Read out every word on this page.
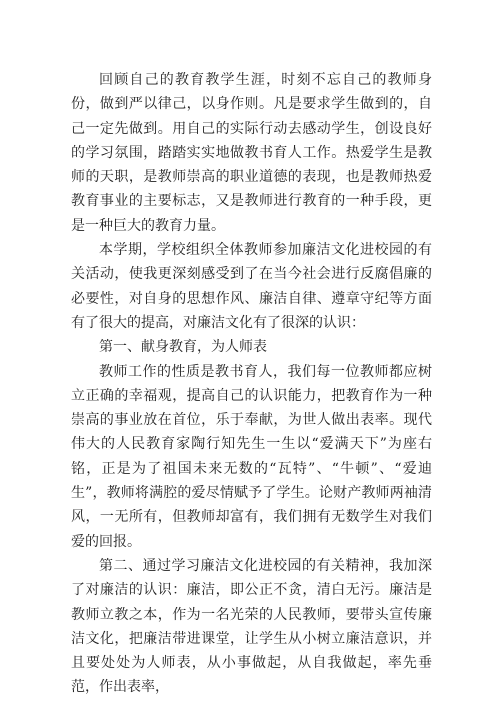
回顾自己的教育教学生涯，时刻不忘自己的教师身份，做到严以律己，以身作则。凡是要求学生做到的，自己一定先做到。用自己的实际行动去感动学生，创设良好的学习氛围，踏踏实实地做教书育人工作。热爱学生是教师的天职，是教师崇高的职业道德的表现，也是教师热爱教育事业的主要标志，又是教师进行教育的一种手段，更是一种巨大的教育力量。

本学期，学校组织全体教师参加廉洁文化进校园的有关活动，使我更深刻感受到了在当今社会进行反腐倡廉的必要性，对自身的思想作风、廉洁自律、遵章守纪等方面有了很大的提高，对廉洁文化有了很深的认识：

第一、献身教育，为人师表

教师工作的性质是教书育人，我们每一位教师都应树立正确的幸福观，提高自己的认识能力，把教育作为一种崇高的事业放在首位，乐于奉献，为世人做出表率。现代伟大的人民教育家陶行知先生一生以“爱满天下”为座右铭，正是为了祖国未来无数的“瓦特”、“牛顿”、“爱迪生”，教师将满腔的爱尽情赋予了学生。论财产教师两袖清风，一无所有，但教师却富有，我们拥有无数学生对我们爱的回报。

第二、通过学习廉洁文化进校园的有关精神，我加深了对廉洁的认识：廉洁，即公正不贪，清白无污。廉洁是教师立教之本，作为一名光荣的人民教师，要带头宣传廉洁文化，把廉洁带进课堂，让学生从小树立廉洁意识，并且要处处为人师表，从小事做起，从自我做起，率先垂范，作出表率，
